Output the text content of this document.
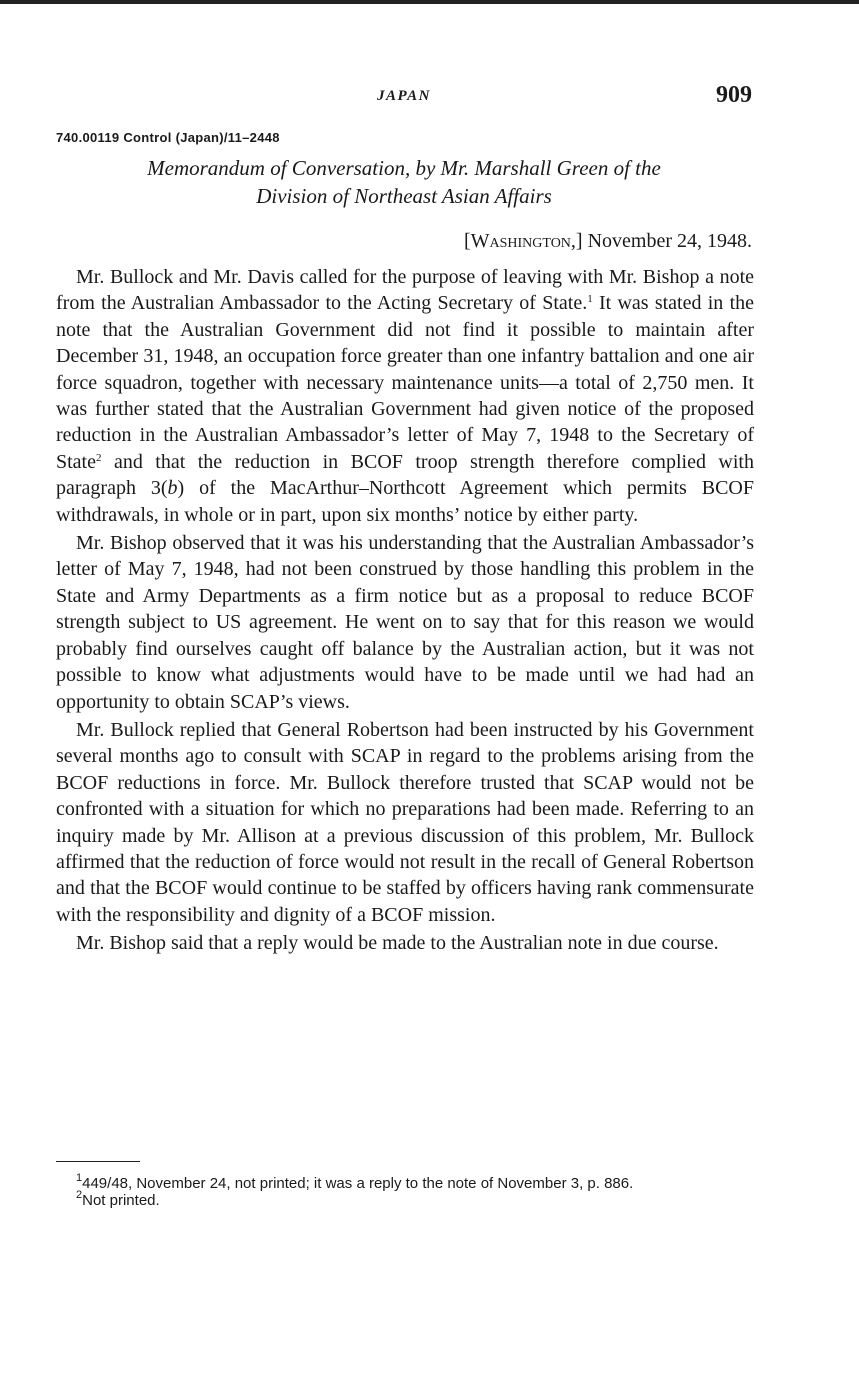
JAPAN	909
740.00119 Control (Japan)/11–2448
Memorandum of Conversation, by Mr. Marshall Green of the
Division of Northeast Asian Affairs
[Washington,] November 24, 1948.

Mr. Bullock and Mr. Davis called for the purpose of leaving with Mr. Bishop a note from the Australian Ambassador to the Acting Secretary of State.$^1$ It was stated in the note that the Australian Government did not find it possible to maintain after December 31, 1948, an occupation force greater than one infantry battalion and one air force squadron, together with necessary maintenance units—a total of 2,750 men. It was further stated that the Australian Government had given notice of the proposed reduction in the Australian Ambassador’s letter of May 7, 1948 to the Secretary of State$^2$ and that the reduction in BCOF troop strength therefore complied with paragraph 3(b) of the MacArthur–Northcott Agreement which permits BCOF withdrawals, in whole or in part, upon six months’ notice by either party.

Mr. Bishop observed that it was his understanding that the Australian Ambassador’s letter of May 7, 1948, had not been construed by those handling this problem in the State and Army Departments as a firm notice but as a proposal to reduce BCOF strength subject to US agreement. He went on to say that for this reason we would probably find ourselves caught off balance by the Australian action, but it was not possible to know what adjustments would have to be made until we had had an opportunity to obtain SCAP’s views.

Mr. Bullock replied that General Robertson had been instructed by his Government several months ago to consult with SCAP in regard to the problems arising from the BCOF reductions in force. Mr. Bullock therefore trusted that SCAP would not be confronted with a situation for which no preparations had been made. Referring to an inquiry made by Mr. Allison at a previous discussion of this problem, Mr. Bullock affirmed that the reduction of force would not result in the recall of General Robertson and that the BCOF would continue to be staffed by officers having rank commensurate with the responsibility and dignity of a BCOF mission.

Mr. Bishop said that a reply would be made to the Australian note in due course.

$^1$449/48, November 24, not printed; it was a reply to the note of November 3, p. 886.

$^2$Not printed.
